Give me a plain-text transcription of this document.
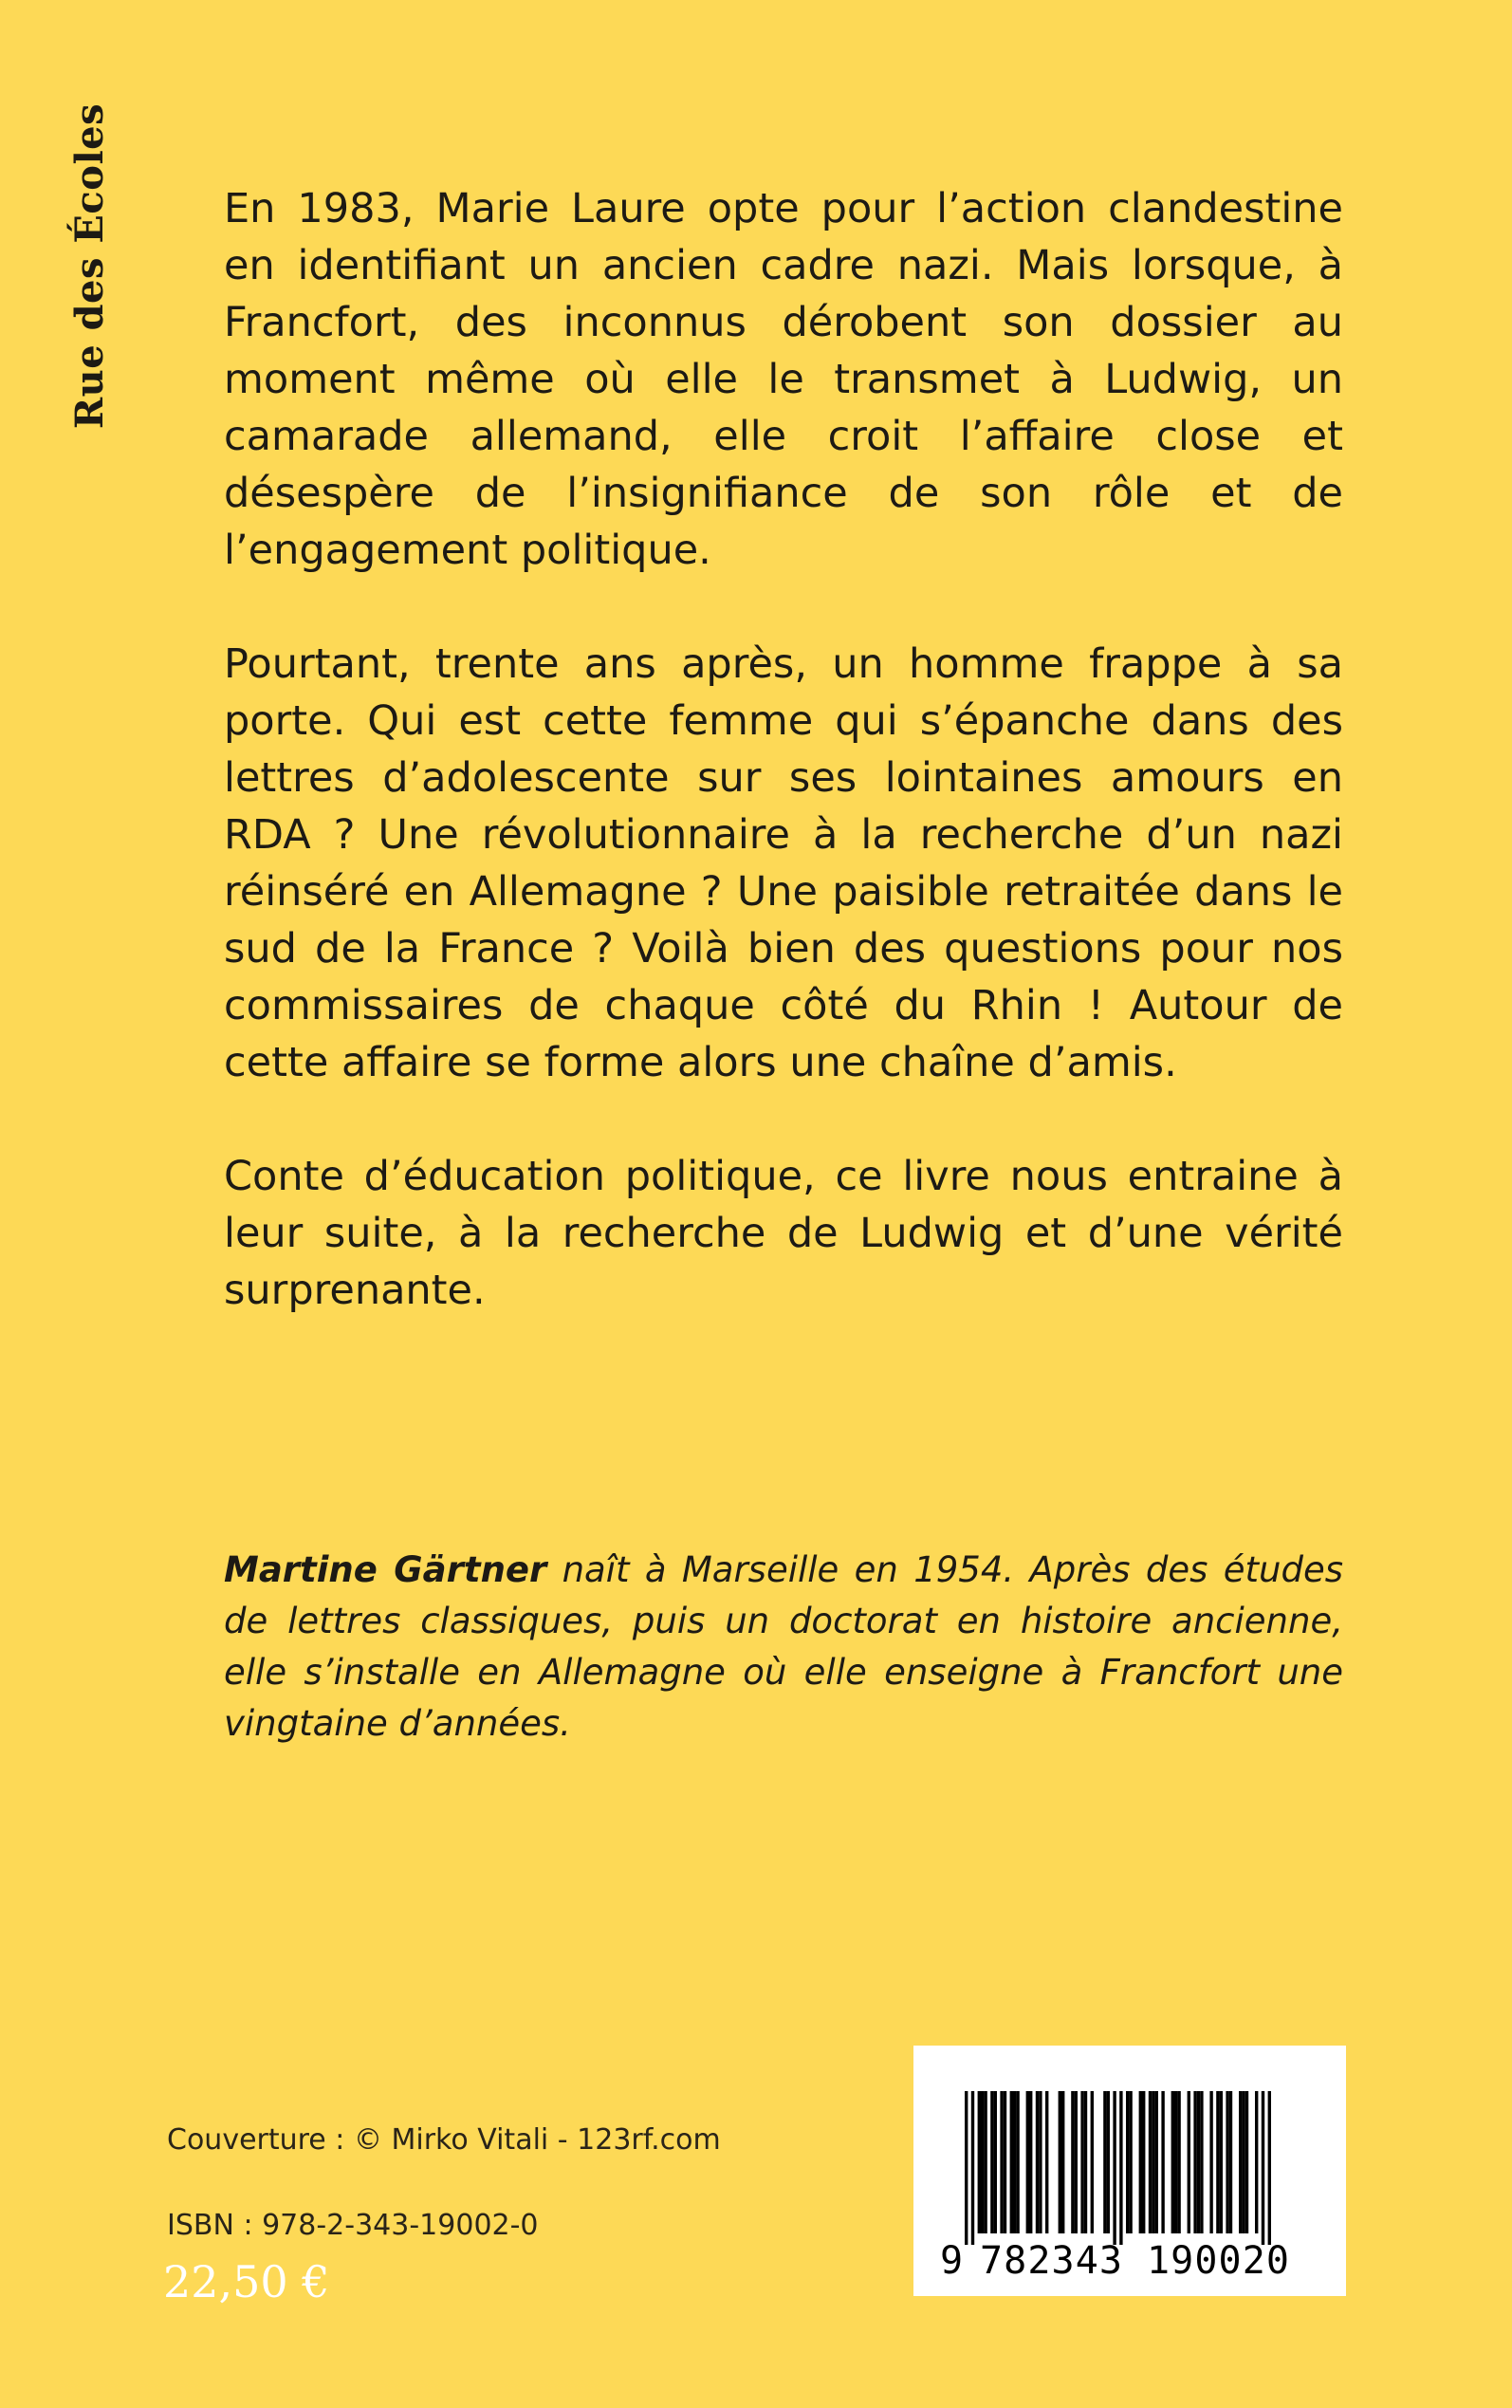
Rue des Écoles	En 1983, Marie Laure opte pour l’action clandestine en identifiant un ancien cadre nazi. Mais lorsque, à Francfort, des inconnus dérobent son dossier au moment même où elle le transmet à Ludwig, un camarade allemand, elle croit l’affaire close et désespère de l’insignifiance de son rôle et de l’engagement politique.

Pourtant, trente ans après, un homme frappe à sa porte. Qui est cette femme qui s’épanche dans des lettres d’adolescente sur ses lointaines amours en RDA ? Une révolutionnaire à la recherche d’un nazi réinséré en Allemagne ? Une paisible retraitée dans le sud de la France ? Voilà bien des questions pour nos commissaires de chaque côté du Rhin ! Autour de cette affaire se forme alors une chaîne d’amis.

Conte d’éducation politique, ce livre nous entraine à leur suite, à la recherche de Ludwig et d’une vérité surprenante.

Martine Gärtner naît à Marseille en 1954. Après des études de lettres classiques, puis un doctorat en histoire ancienne, elle s’installe en Allemagne où elle enseigne à Francfort une vingtaine d’années.
Couverture : © Mirko Vitali - 123rf.com
ISBN : 978-2-343-19002-0
22,50 €	9 782343 190020
